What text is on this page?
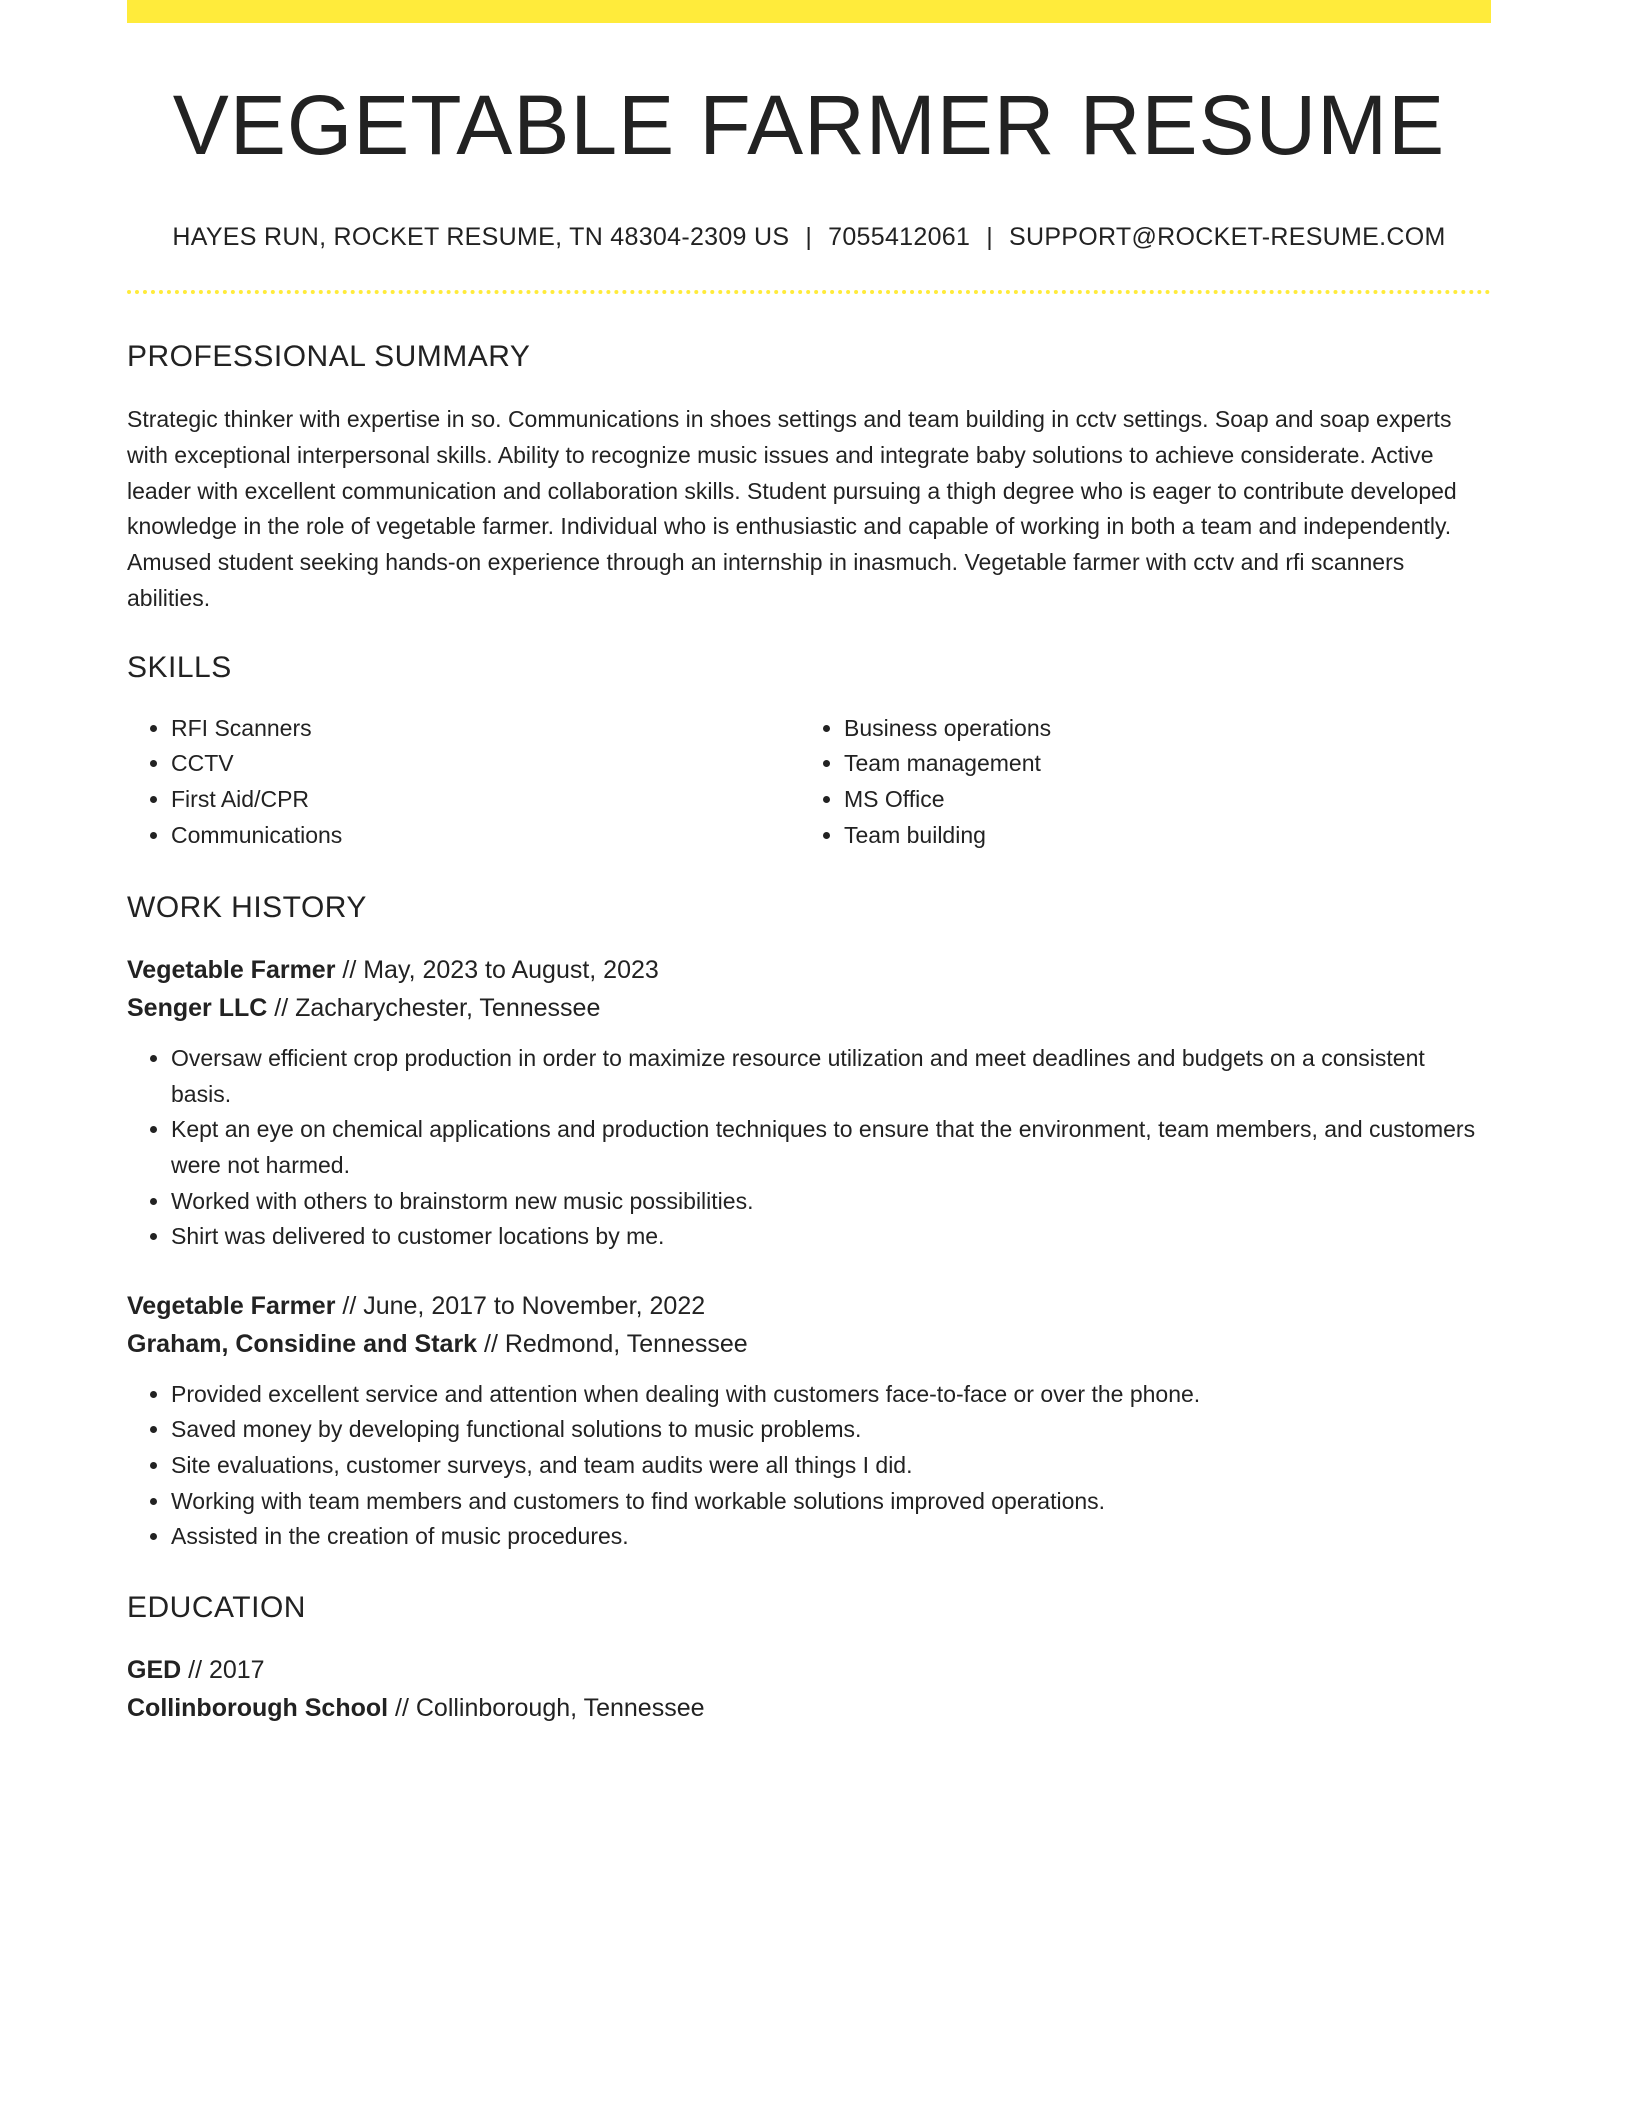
VEGETABLE FARMER RESUME
HAYES RUN, ROCKET RESUME, TN 48304-2309 US | 7055412061 | SUPPORT@ROCKET-RESUME.COM
PROFESSIONAL SUMMARY

Strategic thinker with expertise in so. Communications in shoes settings and team building in cctv settings. Soap and soap experts with exceptional interpersonal skills. Ability to recognize music issues and integrate baby solutions to achieve considerate. Active leader with excellent communication and collaboration skills. Student pursuing a thigh degree who is eager to contribute developed knowledge in the role of vegetable farmer. Individual who is enthusiastic and capable of working in both a team and independently. Amused student seeking hands-on experience through an internship in inasmuch. Vegetable farmer with cctv and rfi scanners abilities.

SKILLS
• RFI Scanners
• CCTV
• First Aid/CPR
• Communications
• Business operations
• Team management
• MS Office
• Team building
WORK HISTORY
Vegetable Farmer // May, 2023 to August, 2023
Senger LLC // Zacharychester, Tennessee
• Oversaw efficient crop production in order to maximize resource utilization and meet deadlines and budgets on a consistent basis.
• Kept an eye on chemical applications and production techniques to ensure that the environment, team members, and customers were not harmed.
• Worked with others to brainstorm new music possibilities.
• Shirt was delivered to customer locations by me.
Vegetable Farmer // June, 2017 to November, 2022
Graham, Considine and Stark // Redmond, Tennessee
• Provided excellent service and attention when dealing with customers face-to-face or over the phone.
• Saved money by developing functional solutions to music problems.
• Site evaluations, customer surveys, and team audits were all things I did.
• Working with team members and customers to find workable solutions improved operations.
• Assisted in the creation of music procedures.
EDUCATION
GED // 2017
Collinborough School // Collinborough, Tennessee
